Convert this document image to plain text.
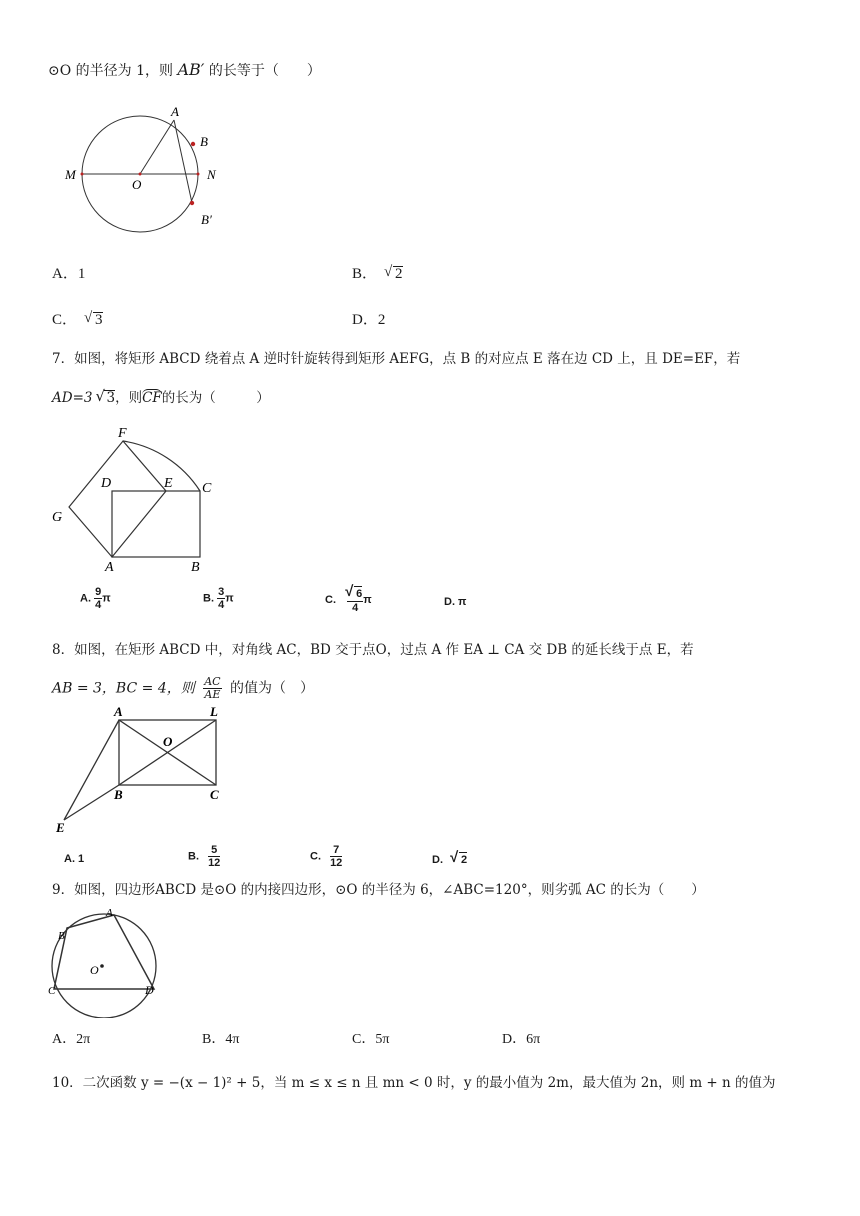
⊙O 的半径为 1，则 AB′ 的长等于（　　）
A
B
M
O
N
B′
A．1	B． √ 2
C． √ 3	D．2
7．如图，将矩形 ABCD 绕着点 A 逆时针旋转得到矩形 AEFG，点 B 的对应点 E 落在边 CD 上，且 DE=EF，若
AD=3 √ 3，则CF的长为（　　　）
F
D	E C
G
A	B
A. $\frac{9}{4}$ π	B. $\frac{3}{4}$ π	C. √ $\frac{6}{4}$ π	D. π
8．如图，在矩形 ABCD 中，对角线 AC，BD 交于点O，过点 A 作 EA ⊥ CA 交 DB 的延长线于点 E，若
AB = 3，BC = 4，则 $\frac{AC}{AE}$ 的值为（　）
A	L
O
B	C
E
A. 1	B. $\frac{5}{12}$	C. $\frac{7}{12}$	D. √ 2
9．如图，四边形ABCD 是⊙O 的内接四边形，⊙O 的半径为 6，∠ABC=120°，则劣弧 AC 的长为（　　）
A
B
O
C	D
A．2π	B．4π	C．5π	D．6π
10．二次函数 y = −(x − 1)² + 5，当 m ≤ x ≤ n 且 mn < 0 时，y 的最小值为 2m，最大值为 2n，则 m + n 的值为
